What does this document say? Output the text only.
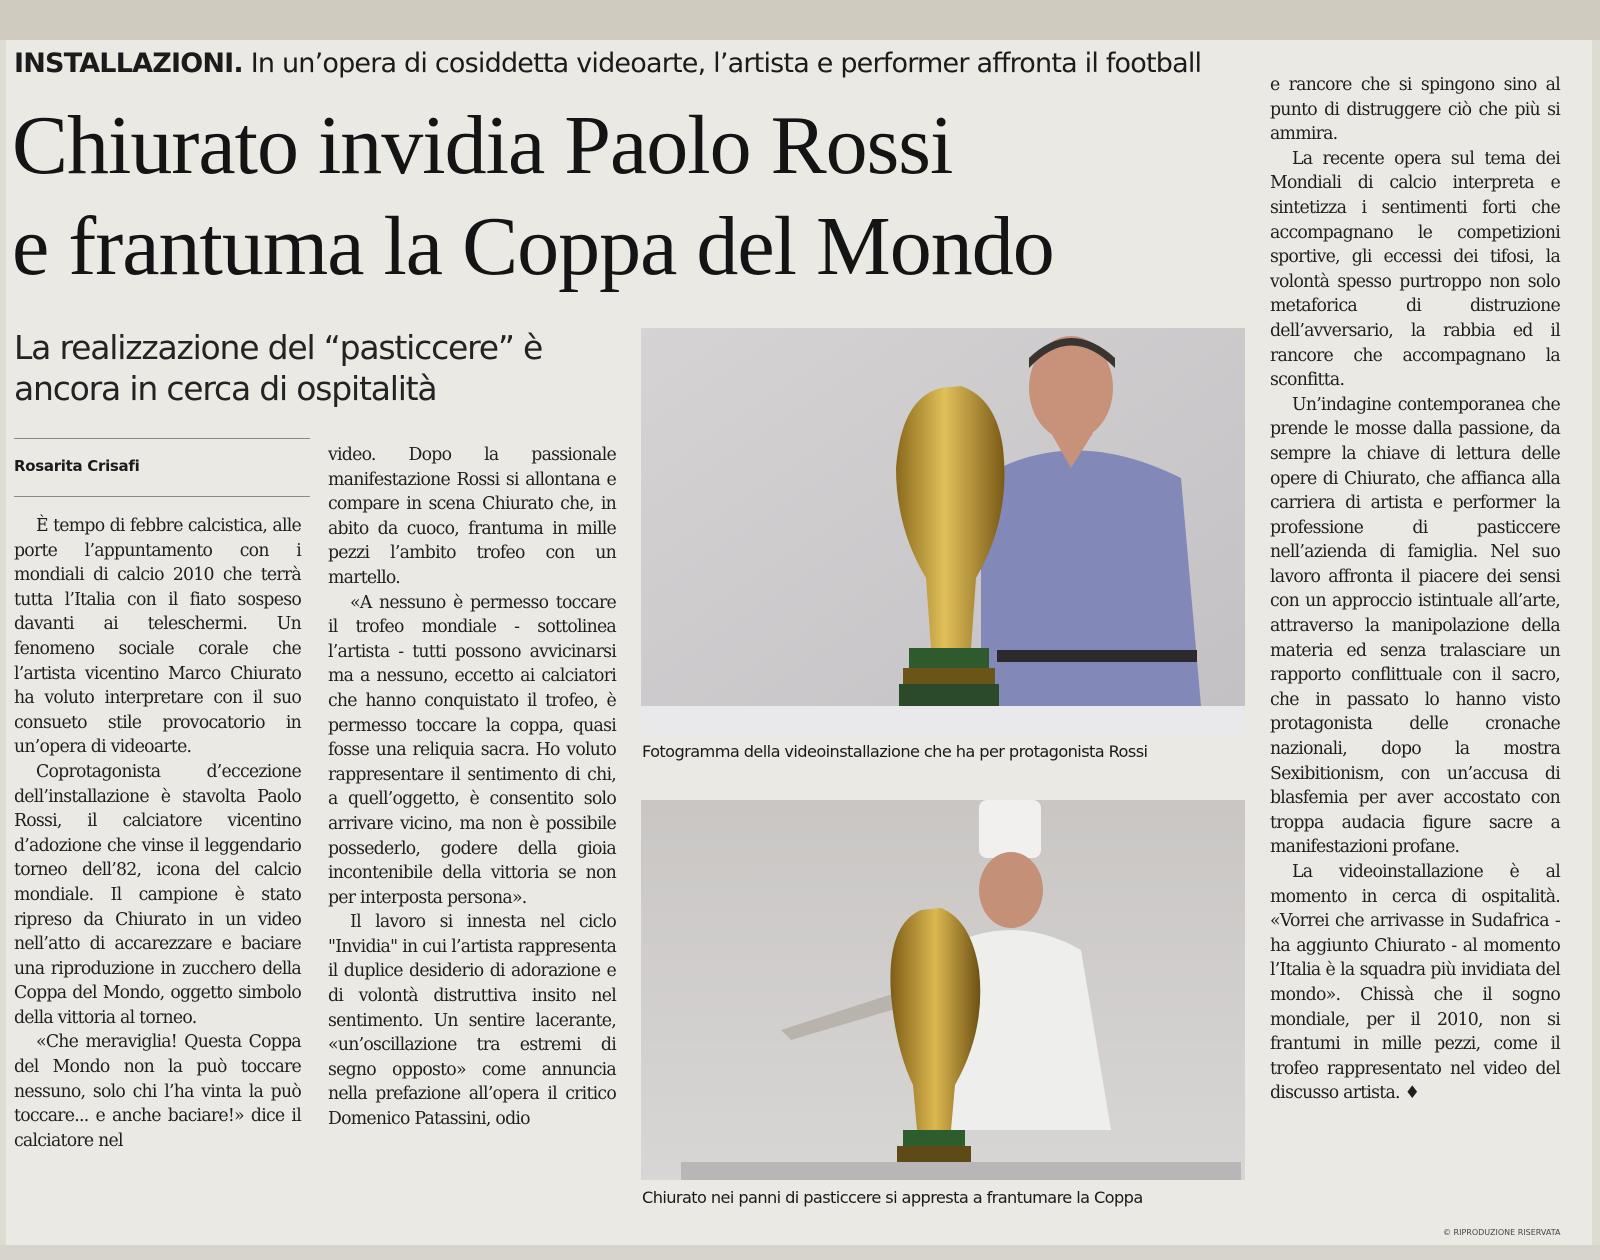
INSTALLAZIONI. In un’opera di cosiddetta videoarte, l’artista e performer affronta il football
Chiurato invidia Paolo Rossi
e frantuma la Coppa del Mondo
La realizzazione del “pasticcere” è ancora in cerca di ospitalità
Rosarita Crisafi

È tempo di febbre calcistica, alle porte l’appuntamento con i mondiali di calcio 2010 che terrà tutta l’Italia con il fiato sospeso davanti ai teleschermi. Un fenomeno sociale corale che l’artista vicentino Marco Chiurato ha voluto interpretare con il suo consueto stile provocatorio in un’opera di videoarte.

Coprotagonista d’eccezione dell’installazione è stavolta Paolo Rossi, il calciatore vicentino d’adozione che vinse il leggendario torneo dell’82, icona del calcio mondiale. Il campione è stato ripreso da Chiurato in un video nell’atto di accarezzare e baciare una riproduzione in zucchero della Coppa del Mondo, oggetto simbolo della vittoria al torneo.

«Che meraviglia! Questa Coppa del Mondo non la può toccare nessuno, solo chi l’ha vinta la può toccare... e anche baciare!» dice il calciatore nel

video. Dopo la passionale manifestazione Rossi si allontana e compare in scena Chiurato che, in abito da cuoco, frantuma in mille pezzi l’ambito trofeo con un martello.

«A nessuno è permesso toccare il trofeo mondiale - sottolinea l’artista - tutti possono avvicinarsi ma a nessuno, eccetto ai calciatori che hanno conquistato il trofeo, è permesso toccare la coppa, quasi fosse una reliquia sacra. Ho voluto rappresentare il sentimento di chi, a quell’oggetto, è consentito solo arrivare vicino, ma non è possibile possederlo, godere della gioia incontenibile della vittoria se non per interposta persona».

Il lavoro si innesta nel ciclo "Invidia" in cui l’artista rappresenta il duplice desiderio di adorazione e di volontà distruttiva insito nel sentimento. Un sentire lacerante, «un’oscillazione tra estremi di segno opposto» come annuncia nella prefazione all’opera il critico Domenico Patassini, odio

Fotogramma della videoinstallazione che ha per protagonista Rossi
Chiurato nei panni di pasticcere si appresta a frantumare la Coppa

e rancore che si spingono sino al punto di distruggere ciò che più si ammira.

La recente opera sul tema dei Mondiali di calcio interpreta e sintetizza i sentimenti forti che accompagnano le competizioni sportive, gli eccessi dei tifosi, la volontà spesso purtroppo non solo metaforica di distruzione dell’avversario, la rabbia ed il rancore che accompagnano la sconfitta.

Un’indagine contemporanea che prende le mosse dalla passione, da sempre la chiave di lettura delle opere di Chiurato, che affianca alla carriera di artista e performer la professione di pasticcere nell’azienda di famiglia. Nel suo lavoro affronta il piacere dei sensi con un approccio istintuale all’arte, attraverso la manipolazione della materia ed senza tralasciare un rapporto conflittuale con il sacro, che in passato lo hanno visto protagonista delle cronache nazionali, dopo la mostra Sexibitionism, con un’accusa di blasfemia per aver accostato con troppa audacia figure sacre a manifestazioni profane.

La videoinstallazione è al momento in cerca di ospitalità. «Vorrei che arrivasse in Sudafrica - ha aggiunto Chiurato - al momento l’Italia è la squadra più invidiata del mondo». Chissà che il sogno mondiale, per il 2010, non si frantumi in mille pezzi, come il trofeo rappresentato nel video del discusso artista. ♦

© RIPRODUZIONE RISERVATA
